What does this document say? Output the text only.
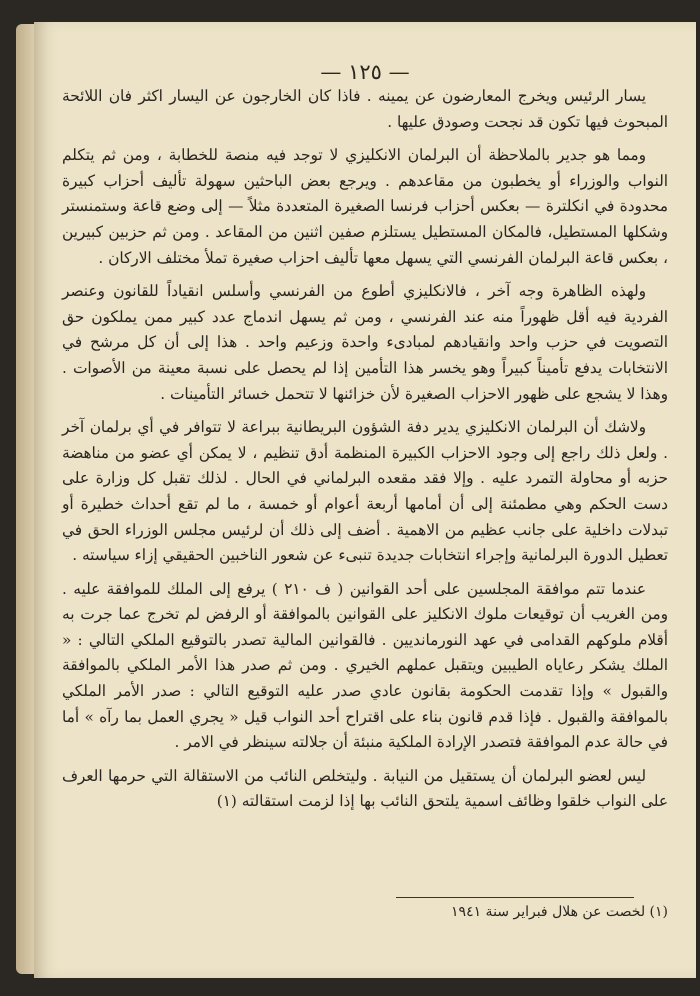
— ١٢٥ —

يسار الرئيس ويخرج المعارضون عن يمينه . فاذا كان الخارجون عن اليسار اكثر فان اللائحة المبحوث فيها تكون قد نجحت وصودق عليها .

ومما هو جدير بالملاحظة أن البرلمان الانكليزي لا توجد فيه منصة للخطابة ، ومن ثم يتكلم النواب والوزراء أو يخطبون من مقاعدهم . ويرجع بعض الباحثين سهولة تأليف أحزاب كبيرة محدودة في انكلترة — بعكس أحزاب فرنسا الصغيرة المتعددة مثلاً — إلى وضع قاعة وستمنستر وشكلها المستطيل، فالمكان المستطيل يستلزم صفين اثنين من المقاعد . ومن ثم حزبين كبيرين ، بعكس قاعة البرلمان الفرنسي التي يسهل معها تأليف احزاب صغيرة تملأ مختلف الاركان .

ولهذه الظاهرة وجه آخر ، فالانكليزي أطوع من الفرنسي وأسلس انقياداً للقانون وعنصر الفردية فيه أقل ظهوراً منه عند الفرنسي ، ومن ثم يسهل اندماج عدد كبير ممن يملكون حق التصويت في حزب واحد وانقيادهم لمبادىء واحدة وزعيم واحد . هذا إلى أن كل مرشح في الانتخابات يدفع تأميناً كبيراً وهو يخسر هذا التأمين إذا لم يحصل على نسبة معينة من الأصوات . وهذا لا يشجع على ظهور الاحزاب الصغيرة لأن خزائنها لا تتحمل خسائر التأمينات .

ولاشك أن البرلمان الانكليزي يدير دفة الشؤون البريطانية ببراعة لا تتوافر في أي برلمان آخر . ولعل ذلك راجع إلى وجود الاحزاب الكبيرة المنظمة أدق تنظيم ، لا يمكن أي عضو من مناهضة حزبه أو محاولة التمرد عليه . وإلا فقد مقعده البرلماني في الحال . لذلك تقبل كل وزارة على دست الحكم وهي مطمئنة إلى أن أمامها أربعة أعوام أو خمسة ، ما لم تقع أحداث خطيرة أو تبدلات داخلية على جانب عظيم من الاهمية . أضف إلى ذلك أن لرئيس مجلس الوزراء الحق في تعطيل الدورة البرلمانية وإجراء انتخابات جديدة تنبىء عن شعور الناخبين الحقيقي إزاء سياسته .

عندما تتم موافقة المجلسين على أحد القوانين ( ف ٢١٠ ) يرفع إلى الملك للموافقة عليه . ومن الغريب أن توقيعات ملوك الانكليز على القوانين بالموافقة أو الرفض لم تخرج عما جرت به أقلام ملوكهم القدامى في عهد النورمانديين . فالقوانين المالية تصدر بالتوقيع الملكي التالي : « الملك يشكر رعاياه الطيبين ويتقبل عملهم الخيري . ومن ثم صدر هذا الأمر الملكي بالموافقة والقبول » وإذا تقدمت الحكومة بقانون عادي صدر عليه التوقيع التالي : صدر الأمر الملكي بالموافقة والقبول . فإذا قدم قانون بناء على اقتراح أحد النواب قيل « يجري العمل بما رآه » أما في حالة عدم الموافقة فتصدر الإرادة الملكية منبئة أن جلالته سينظر في الامر .

ليس لعضو البرلمان أن يستقيل من النيابة . وليتخلص النائب من الاستقالة التي حرمها العرف على النواب خلقوا وظائف اسمية يلتحق النائب بها إذا لزمت استقالته (١)

(١) لخصت عن هلال فبراير سنة ١٩٤١
